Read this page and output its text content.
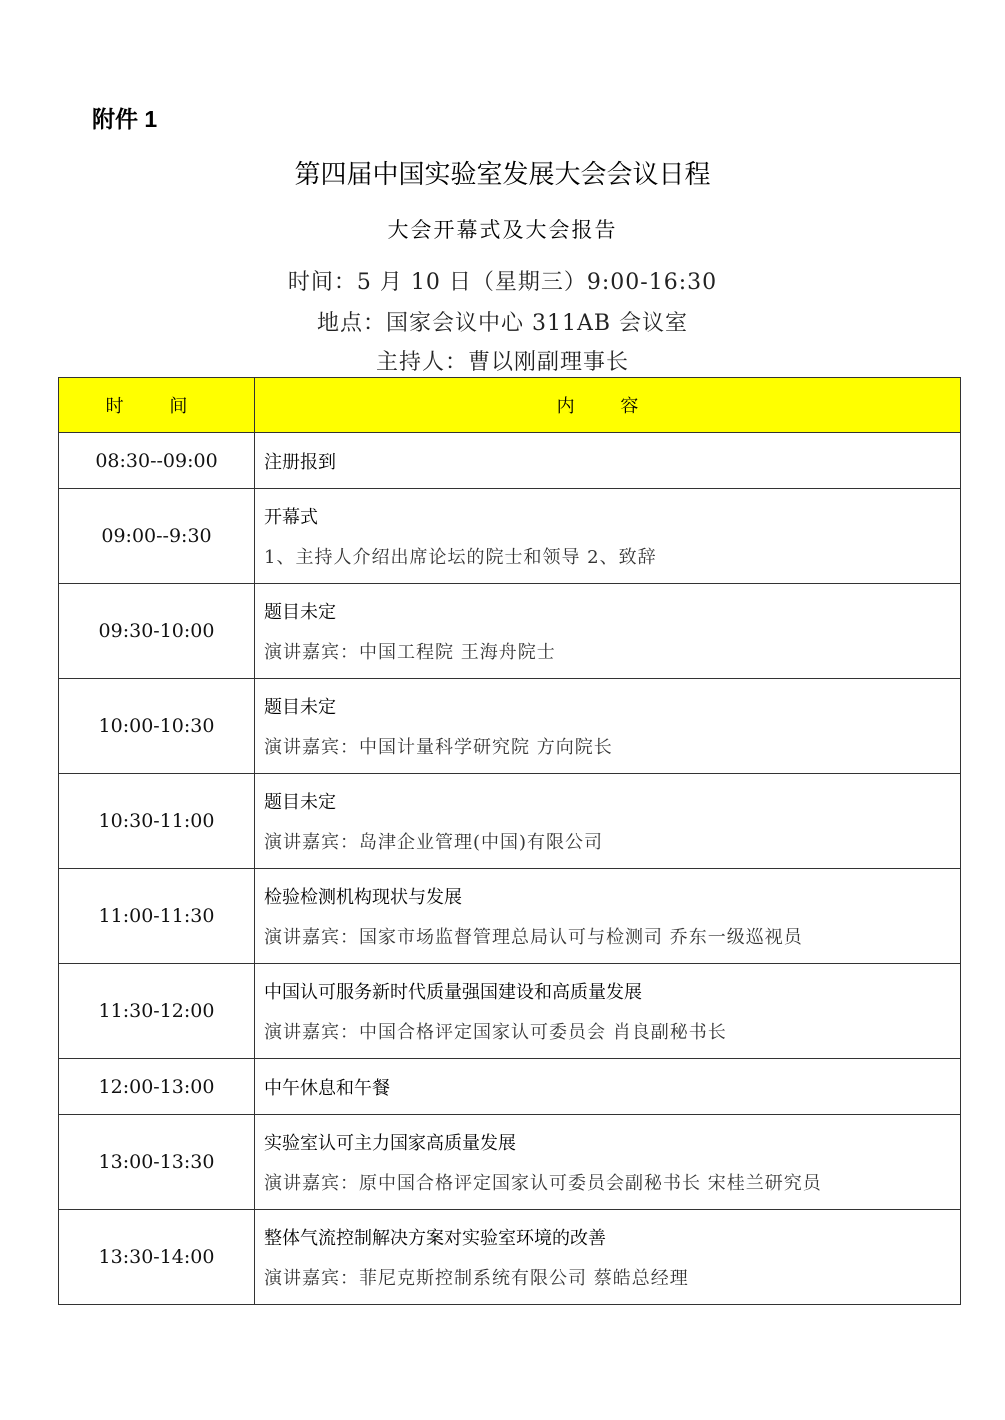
附件 1
第四届中国实验室发展大会会议日程
大会开幕式及大会报告
时间：5 月 10 日（星期三）9:00-16:30
地点：国家会议中心 311AB 会议室
主持人：曹以刚副理事长
时 间	内 容
08:30--09:00	注册报到

09:00--9:30	开幕式
1、主持人介绍出席论坛的院士和领导 2、致辞

09:30-10:00	题目未定
演讲嘉宾：中国工程院 王海舟院士

10:00-10:30	题目未定
演讲嘉宾：中国计量科学研究院 方向院长

10:30-11:00	题目未定
演讲嘉宾：岛津企业管理(中国)有限公司

11:00-11:30	检验检测机构现状与发展
演讲嘉宾：国家市场监督管理总局认可与检测司 乔东一级巡视员

11:30-12:00	中国认可服务新时代质量强国建设和高质量发展
演讲嘉宾：中国合格评定国家认可委员会 肖良副秘书长

12:00-13:00	中午休息和午餐

13:00-13:30	实验室认可主力国家高质量发展
演讲嘉宾：原中国合格评定国家认可委员会副秘书长 宋桂兰研究员

13:30-14:00	整体气流控制解决方案对实验室环境的改善
演讲嘉宾：菲尼克斯控制系统有限公司 蔡皓总经理
